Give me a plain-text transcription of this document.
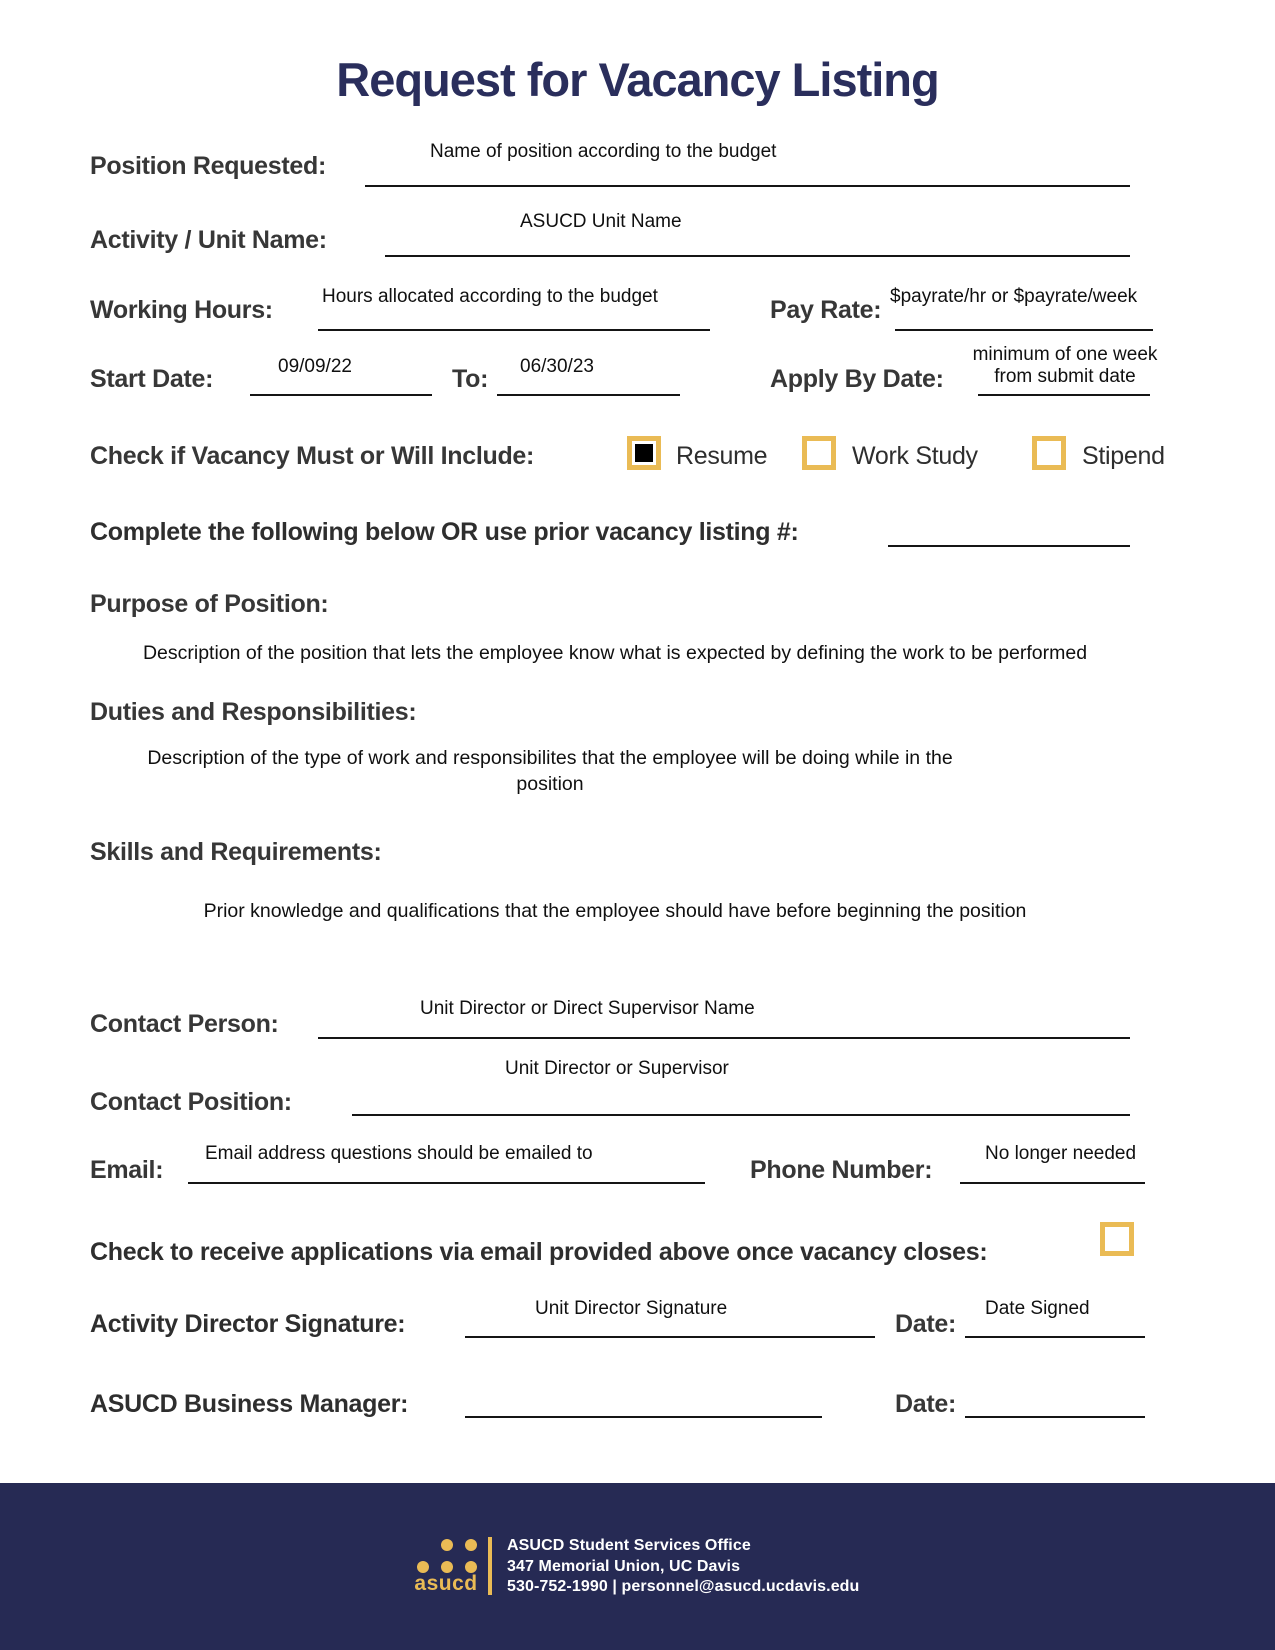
Request for Vacancy Listing
Position Requested:
Name of position according to the budget
Activity / Unit Name:
ASUCD Unit Name
Working Hours:	Hours allocated according to the budget	Pay Rate: $payrate/hr or $payrate/week
Start Date:	09/09/22	To: 06/30/23	Apply By Date:
minimum of one week
from submit date
Check if Vacancy Must or Will Include:	Resume	Work Study	Stipend
Complete the following below OR use prior vacancy listing #:
Purpose of Position:
Description of the position that lets the employee know what is expected by defining the work to be performed
Duties and Responsibilities:
Description of the type of work and responsibilites that the employee will be doing while in the position
Skills and Requirements:
Prior knowledge and qualifications that the employee should have before beginning the position
Contact Person:
Unit Director or Direct Supervisor Name
Contact Position:
Unit Director or Supervisor
Email:
Email address questions should be emailed to
Phone Number:
No longer needed
Check to receive applications via email provided above once vacancy closes:
Activity Director Signature:
Unit Director Signature
Date:
Date Signed
ASUCD Business Manager:	Date:
asucd
ASUCD Student Services Office
347 Memorial Union, UC Davis
530-752-1990 | personnel@asucd.ucdavis.edu
